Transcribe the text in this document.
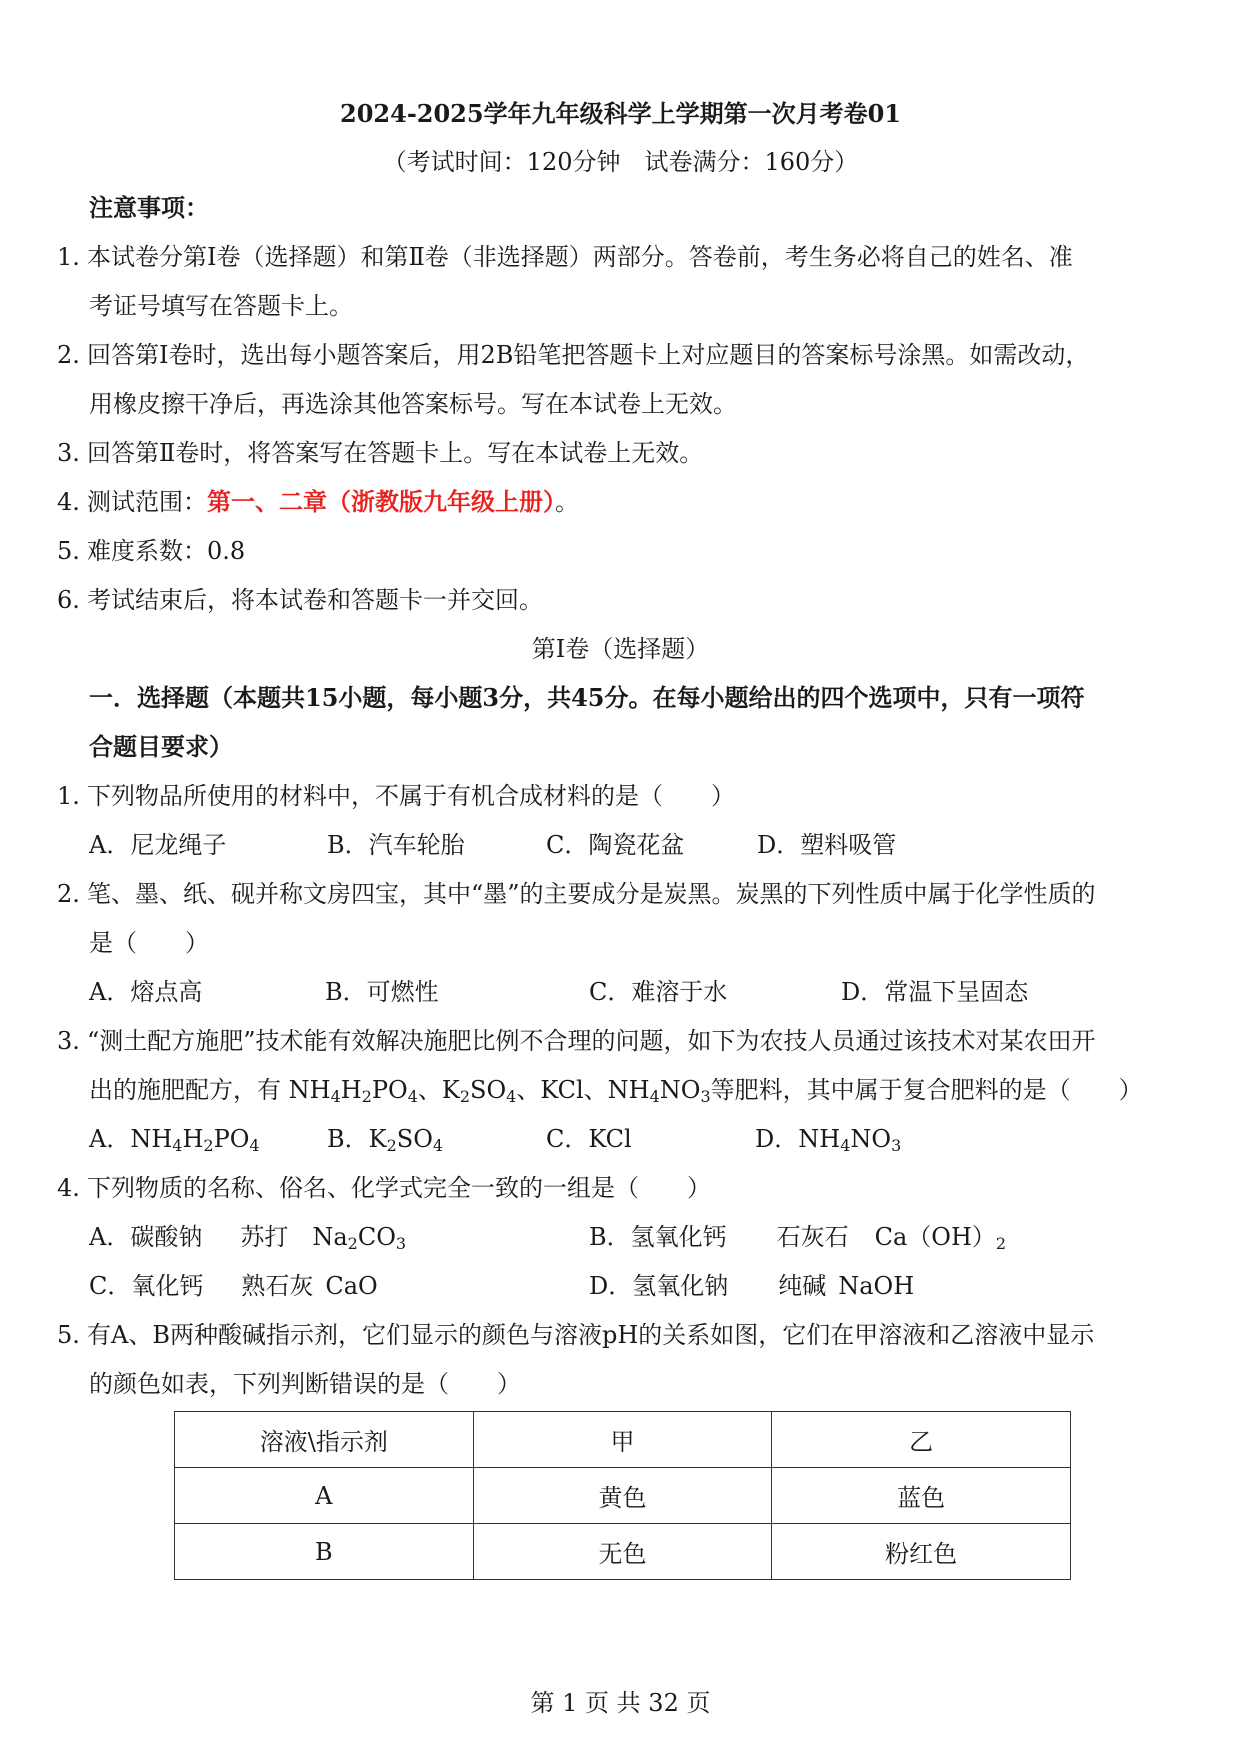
2024-2025学年九年级科学上学期第一次月考卷01
（考试时间：120分钟　试卷满分：160分）
注意事项：
1. 本试卷分第Ⅰ卷（选择题）和第Ⅱ卷（非选择题）两部分。答卷前，考生务必将自己的姓名、准
考证号填写在答题卡上。
2. 回答第Ⅰ卷时，选出每小题答案后，用2B铅笔把答题卡上对应题目的答案标号涂黑。如需改动，
用橡皮擦干净后，再选涂其他答案标号。写在本试卷上无效。
3. 回答第Ⅱ卷时，将答案写在答题卡上。写在本试卷上无效。
4. 测试范围：第一、二章（浙教版九年级上册）。
5. 难度系数：0.8
6. 考试结束后，将本试卷和答题卡一并交回。
第Ⅰ卷（选择题）
一．选择题（本题共15小题，每小题3分，共45分。在每小题给出的四个选项中，只有一项符
合题目要求）
1. 下列物品所使用的材料中，不属于有机合成材料的是（　　）
A．尼龙绳子	B．汽车轮胎	C．陶瓷花盆	D．塑料吸管
2. 笔、墨、纸、砚并称文房四宝，其中“墨”的主要成分是炭黑。炭黑的下列性质中属于化学性质的
是（　　）
A．熔点高	B．可燃性	C．难溶于水	D．常温下呈固态
3. “测土配方施肥”技术能有效解决施肥比例不合理的问题，如下为农技人员通过该技术对某农田开
出的施肥配方，有 $NH_4H_2PO_4$、$K_2SO_4$、KCl、$NH_4NO_3$等肥料，其中属于复合肥料的是（　　）
A．$NH_4H_2PO_4$	B．$K_2SO_4$	C．KCl	D．$NH_4NO_3$
4. 下列物质的名称、俗名、化学式完全一致的一组是（　　）
A．碳酸钠 苏打 $Na_2CO_3$	B．氢氧化钙 石灰石 $Ca(OH)_2$
C．氧化钙 熟石灰 CaO	D．氢氧化钠 纯碱 NaOH
5. 有A、B两种酸碱指示剂，它们显示的颜色与溶液pH的关系如图，它们在甲溶液和乙溶液中显示
的颜色如表，下列判断错误的是（　　）
溶液\指示剂	甲	乙
A	黄色	蓝色
B	无色	粉红色
第 1 页 共 32 页
